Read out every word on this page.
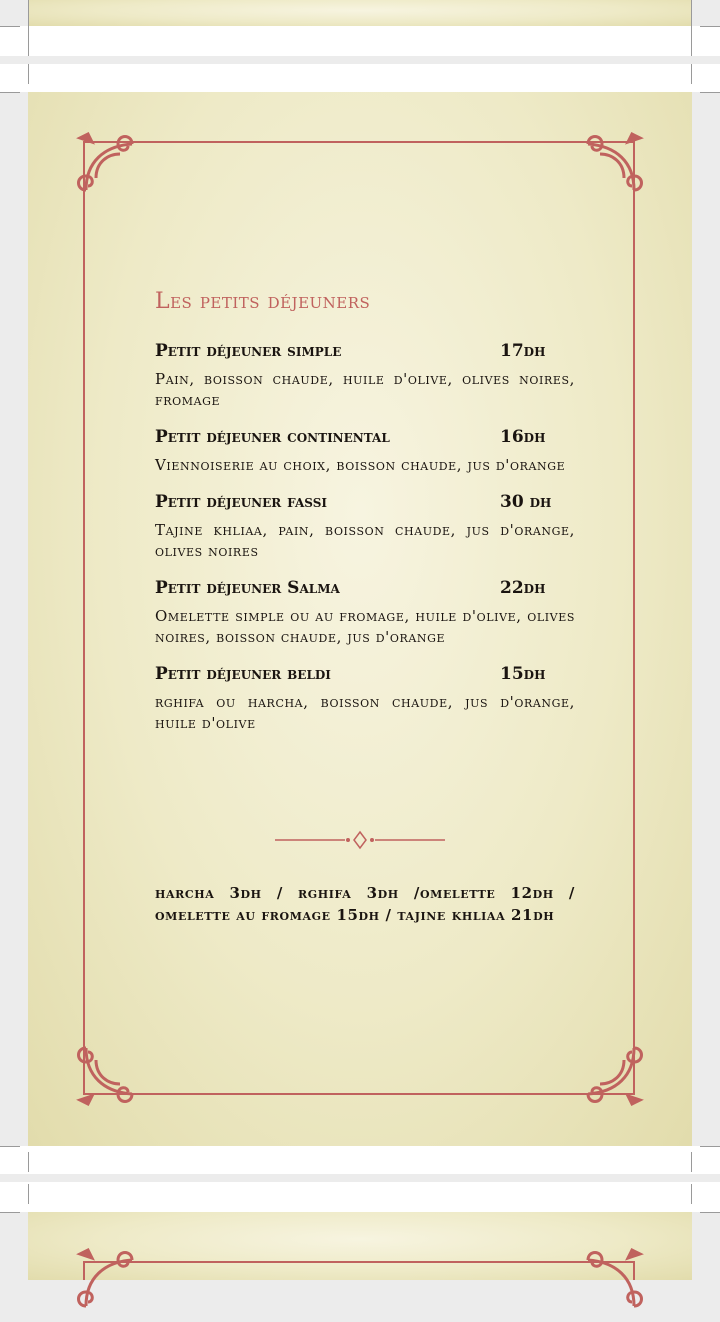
Les petits déjeuners
Petit déjeuner simple	17dh
Pain, boisson chaude, huile d'olive, olives noires, fromage
Petit déjeuner continental	16dh
Viennoiserie au choix, boisson chaude, jus d'orange
Petit déjeuner fassi	30 dh
Tajine khliaa, pain, boisson chaude, jus d'orange, olives noires
Petit déjeuner Salma	22dh
Omelette simple ou au fromage, huile d'olive, olives noires, boisson chaude, jus d'orange
Petit déjeuner beldi	15dh
rghifa ou harcha, boisson chaude, jus d'orange, huile d'olive
harcha 3dh / rghifa 3dh /omelette 12dh / omelette au fromage 15dh / tajine khliaa 21dh
